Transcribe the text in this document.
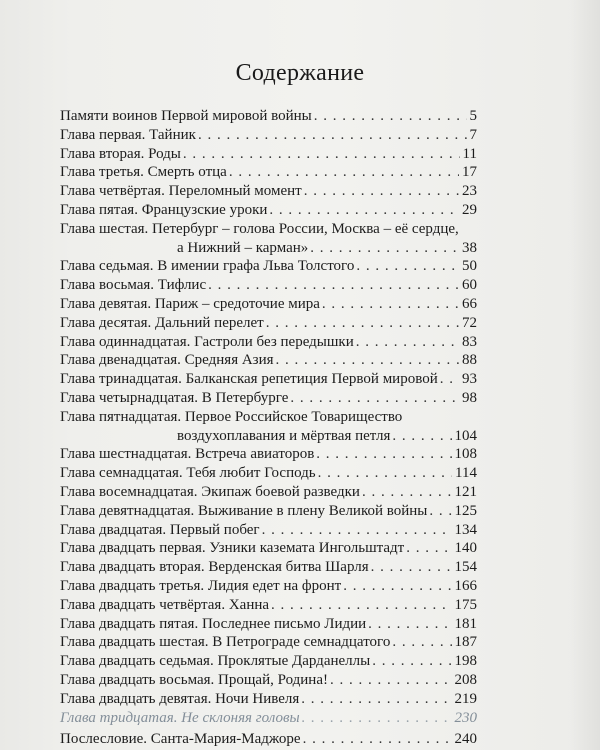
Содержание
Памяти воинов Первой мировой войны . . .	5
Глава первая. Тайник . . .	7
Глава вторая. Роды . . .	11
Глава третья. Смерть отца . . .	17
Глава четвёртая. Переломный момент . . .	23
Глава пятая. Французские уроки . . .	29
Глава шестая. Петербург – голова России, Москва – её сердце,
а Нижний – карман» . . .	38
Глава седьмая. В имении графа Льва Толстого . . .	50
Глава восьмая. Тифлис . . .	60
Глава девятая. Париж – средоточие мира . . .	66
Глава десятая. Дальний перелет . . .	72
Глава одиннадцатая. Гастроли без передышки . . .	83
Глава двенадцатая. Средняя Азия . . .	88
Глава тринадцатая. Балканская репетиция Первой мировой . . . 93
Глава четырнадцатая. В Петербурге . . .	98
Глава пятнадцатая. Первое Российское Товарищество
воздухоплавания и мёртвая петля . . .	104
Глава шестнадцатая. Встреча авиаторов . . .	108
Глава семнадцатая. Тебя любит Господь . . .	114
Глава восемнадцатая. Экипаж боевой разведки . . .	121
Глава девятнадцатая. Выживание в плену Великой войны . . . 125
Глава двадцатая. Первый побег . . .	134
Глава двадцать первая. Узники каземата Ингольштадт . . .	140
Глава двадцать вторая. Верденская битва Шарля . . .	154
Глава двадцать третья. Лидия едет на фронт . . .	166
Глава двадцать четвёртая. Ханна . . .	175
Глава двадцать пятая. Последнее письмо Лидии . . .	181
Глава двадцать шестая. В Петрограде семнадцатого . . .	187
Глава двадцать седьмая. Проклятые Дарданеллы . . .	198
Глава двадцать восьмая. Прощай, Родина! . . .	208
Глава двадцать девятая. Ночи Нивеля . . .	219
Глава тридцатая. Не склоняя головы . . .	230
Послесловие. Санта-Мария-Маджоре . . .	240
